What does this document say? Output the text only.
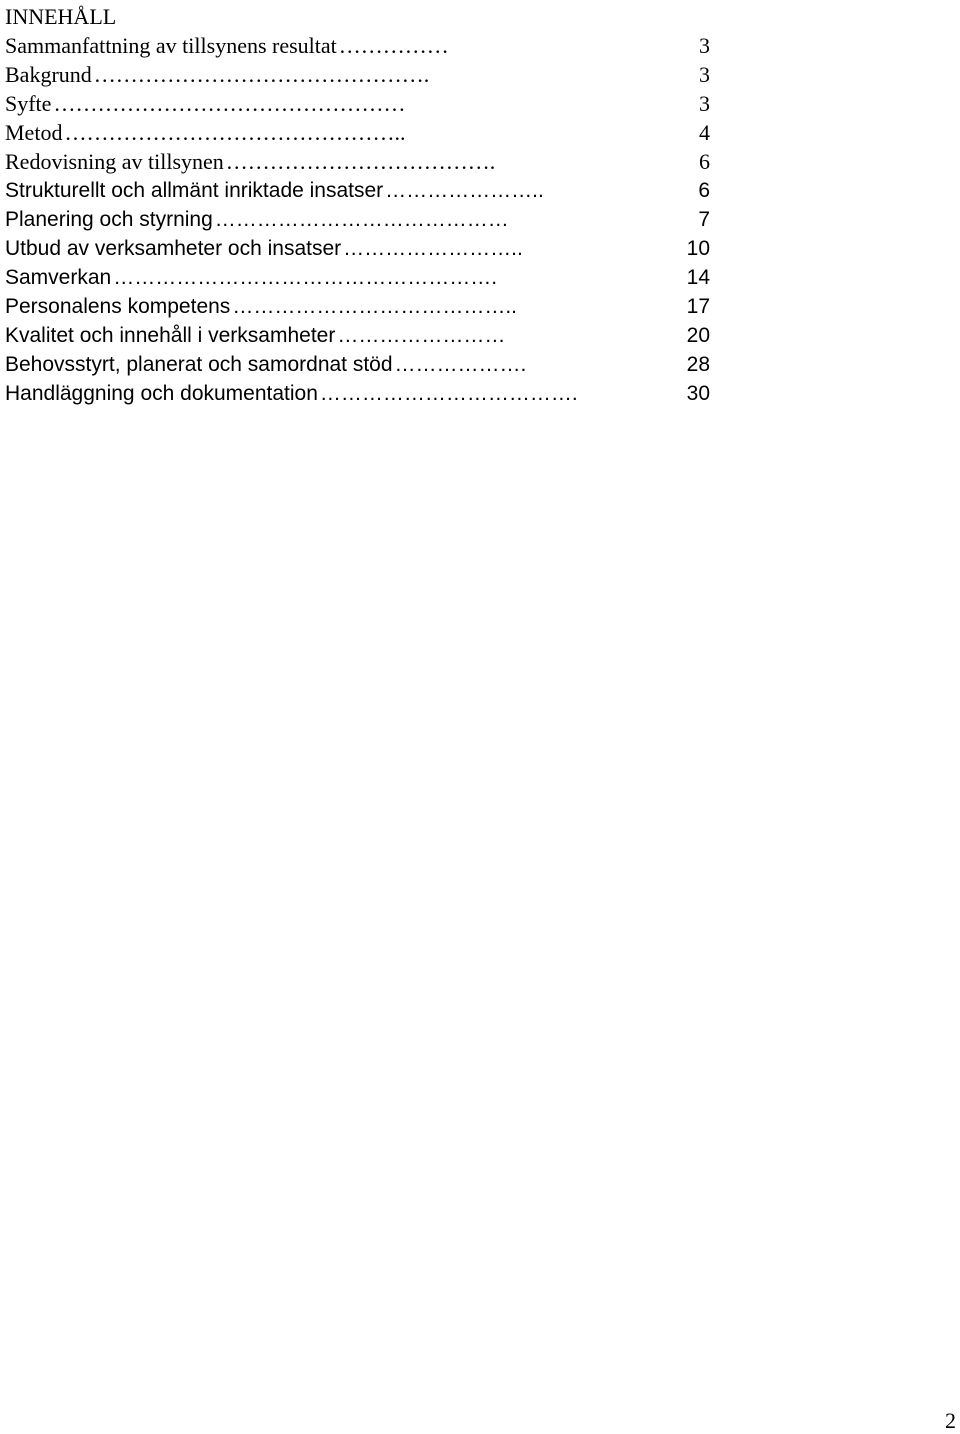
INNEHÅLL
Sammanfattning av tillsynens resultat ……………	3
Bakgrund ……………………………………….	3
Syfte …………………………………………	3
Metod ………………………………………..	4
Redovisning av tillsynen ……………………………….	6
Strukturellt och allmänt inriktade insatser …………………..	6
Planering och styrning ……………………………………	7
Utbud av verksamheter och insatser ……………………..	10
Samverkan ……………………………………………….	14
Personalens kompetens …………………………………..	17
Kvalitet och innehåll i verksamheter ……………………	20
Behovsstyrt, planerat och samordnat stöd ……………….	28
Handläggning och dokumentation ……………………………….	30
2
